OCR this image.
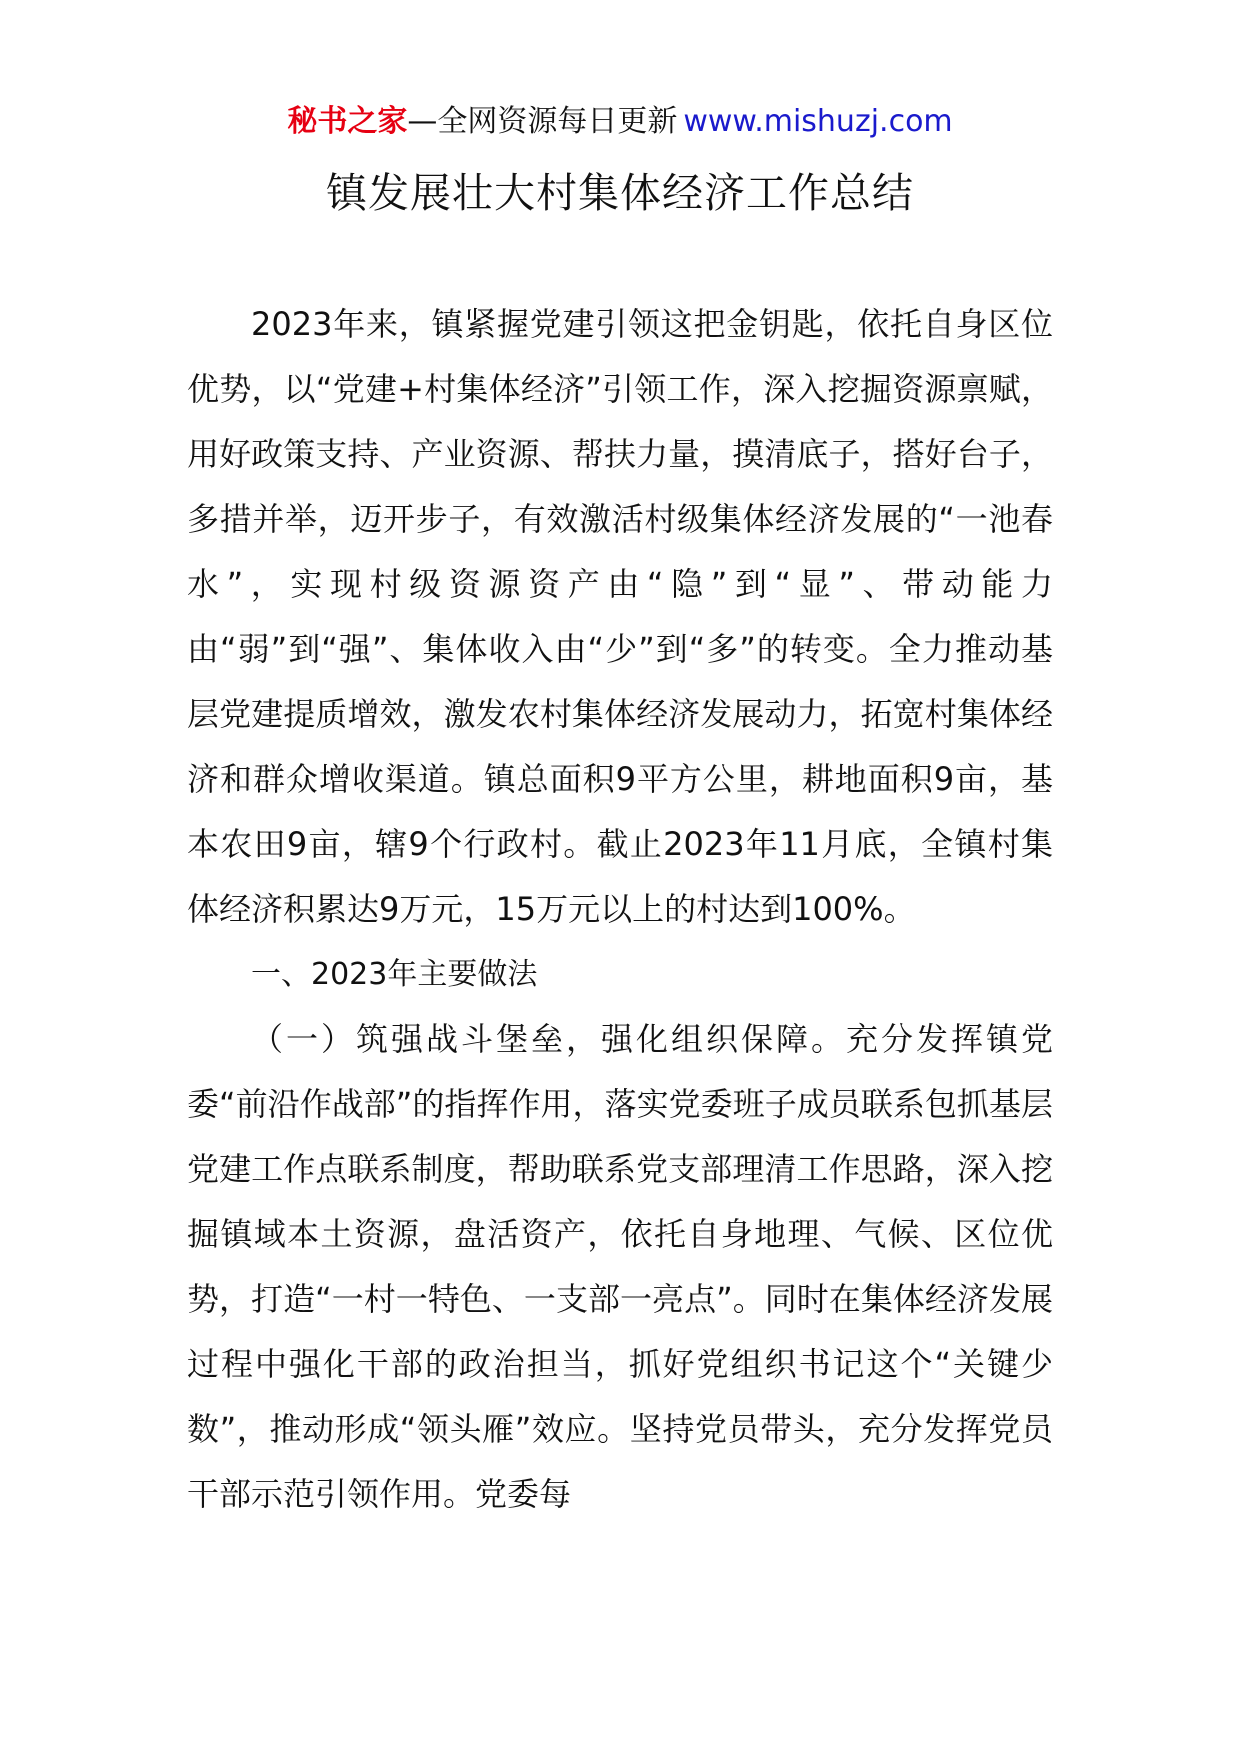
秘书之家—全网资源每日更新 www.mishuzj.com
镇发展壮大村集体经济工作总结

2023年来，镇紧握党建引领这把金钥匙，依托自身区位优势，以“党建+村集体经济”引领工作，深入挖掘资源禀赋，用好政策支持、产业资源、帮扶力量，摸清底子，搭好台子，多措并举，迈开步子，有效激活村级集体经济发展的“一池春水”，实现村级资源资产由“隐”到“显”、带动能力由“弱”到“强”、集体收入由“少”到“多”的转变。全力推动基层党建提质增效，激发农村集体经济发展动力，拓宽村集体经济和群众增收渠道。镇总面积9平方公里，耕地面积9亩，基本农田9亩，辖9个行政村。截止2023年11月底，全镇村集体经济积累达9万元，15万元以上的村达到100%。

一、2023年主要做法

（一）筑强战斗堡垒，强化组织保障。充分发挥镇党委“前沿作战部”的指挥作用，落实党委班子成员联系包抓基层党建工作点联系制度，帮助联系党支部理清工作思路，深入挖掘镇域本土资源，盘活资产，依托自身地理、气候、区位优势，打造“一村一特色、一支部一亮点”。同时在集体经济发展过程中强化干部的政治担当，抓好党组织书记这个“关键少数”，推动形成“领头雁”效应。坚持党员带头，充分发挥党员干部示范引领作用。党委每
